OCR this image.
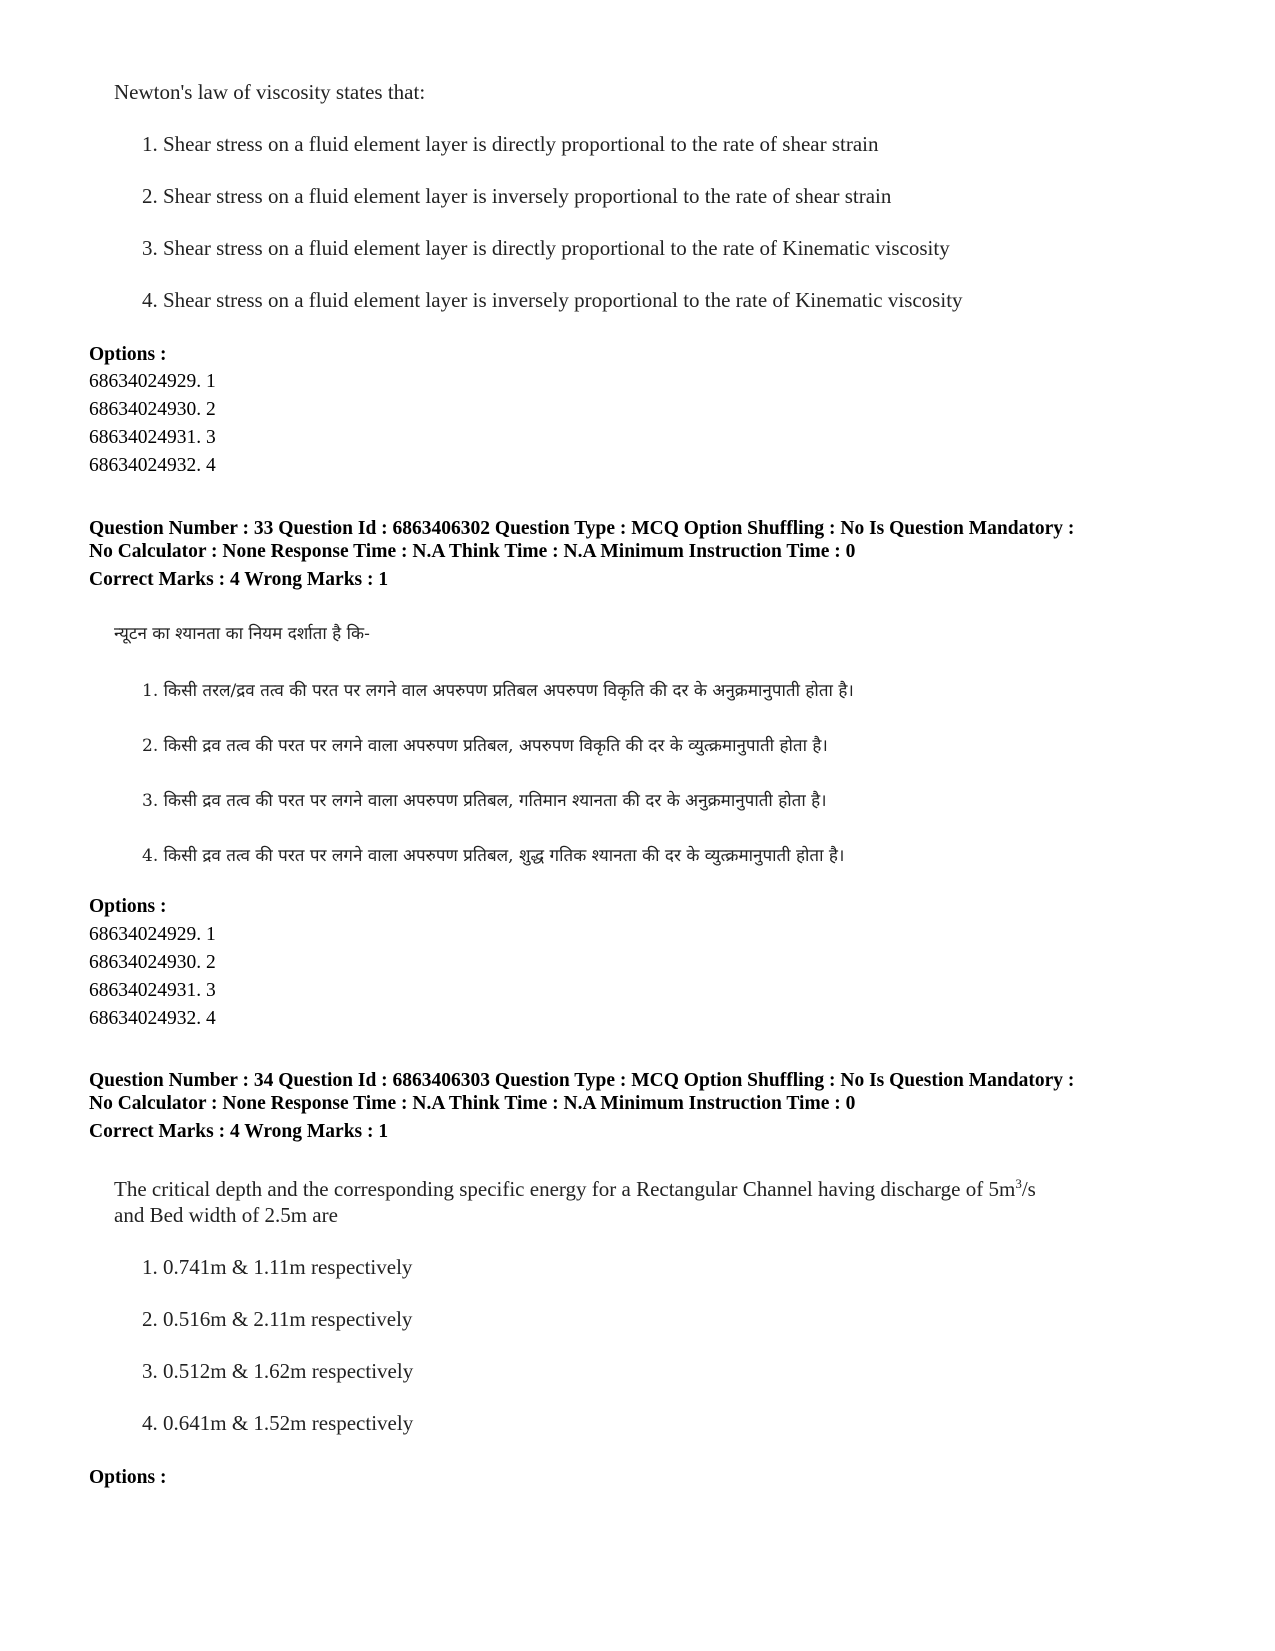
Newton's law of viscosity states that:
1. Shear stress on a fluid element layer is directly proportional to the rate of shear strain
2. Shear stress on a fluid element layer is inversely proportional to the rate of shear strain
3. Shear stress on a fluid element layer is directly proportional to the rate of Kinematic viscosity
4. Shear stress on a fluid element layer is inversely proportional to the rate of Kinematic viscosity
Options :
68634024929. 1
68634024930. 2
68634024931. 3
68634024932. 4
Question Number : 33 Question Id : 6863406302 Question Type : MCQ Option Shuffling : No Is Question Mandatory :
No Calculator : None Response Time : N.A Think Time : N.A Minimum Instruction Time : 0
Correct Marks : 4 Wrong Marks : 1
न्यूटन का श्यानता का नियम दर्शाता है कि-
1. किसी तरल/द्रव तत्व की परत पर लगने वाल अपरुपण प्रतिबल अपरुपण विकृति की दर के अनुक्रमानुपाती होता है।
2. किसी द्रव तत्व की परत पर लगने वाला अपरुपण प्रतिबल, अपरुपण विकृति की दर के व्युत्क्रमानुपाती होता है।
3. किसी द्रव तत्व की परत पर लगने वाला अपरुपण प्रतिबल, गतिमान श्यानता की दर के अनुक्रमानुपाती होता है।
4. किसी द्रव तत्व की परत पर लगने वाला अपरुपण प्रतिबल, शुद्ध गतिक श्यानता की दर के व्युत्क्रमानुपाती होता है।
Options :
68634024929. 1
68634024930. 2
68634024931. 3
68634024932. 4
Question Number : 34 Question Id : 6863406303 Question Type : MCQ Option Shuffling : No Is Question Mandatory :
No Calculator : None Response Time : N.A Think Time : N.A Minimum Instruction Time : 0
Correct Marks : 4 Wrong Marks : 1
The critical depth and the corresponding specific energy for a Rectangular Channel having discharge of $5m^3/s$
and Bed width of 2.5m are
1. 0.741m & 1.11m respectively
2. 0.516m & 2.11m respectively
3. 0.512m & 1.62m respectively
4. 0.641m & 1.52m respectively
Options :
